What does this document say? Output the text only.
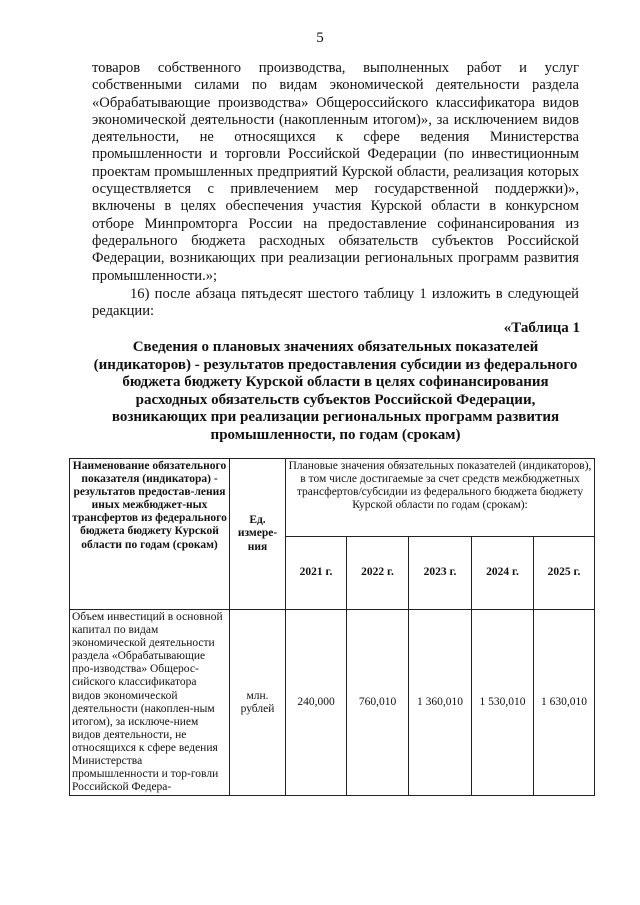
5

товаров собственного производства, выполненных работ и услуг собственными силами по видам экономической деятельности раздела «Обрабатывающие производства» Общероссийского классификатора видов экономической деятельности (накопленным итогом)», за исключением видов деятельности, не относящихся к сфере ведения Министерства промышленности и торговли Российской Федерации (по инвестиционным проектам промышленных предприятий Курской области, реализация которых осуществляется с привлечением мер государственной поддержки)», включены в целях обеспечения участия Курской области в конкурсном отборе Минпромторга России на предоставление софинансирования из федерального бюджета расходных обязательств субъектов Российской Федерации, возникающих при реализации региональных программ развития промышленности.»;

16) после абзаца пятьдесят шестого таблицу 1 изложить в следующей редакции:

«Таблица 1
Сведения о плановых значениях обязательных показателей (индикаторов) - результатов предоставления субсидии из федерального бюджета бюджету Курской области в целях софинансирования расходных обязательств субъектов Российской Федерации, возникающих при реализации региональных программ развития промышленности, по годам (срокам)
Наименование обязательного показателя (индикатора) - результатов предостав-ления иных межбюджет-ных трансфертов из федерального бюджета бюджету Курской области по годам (срокам)	Ед. измере-ния	Плановые значения обязательных показателей (индикаторов), в том числе достигаемые за счет средств межбюджетных трансфертов/субсидии из федерального бюджета бюджету Курской области по годам (срокам):				
		2021 г.	2022 г.	2023 г.	2024 г.	2025 г.
Объем инвестиций в основной капитал по видам экономической деятельности раздела «Обрабатывающие про-изводства» Общерос-сийского классификатора видов экономической деятельности (накоплен-ным итогом), за исключе-нием видов деятельности, не относящихся к сфере ведения Министерства промышленности и тор-говли Российской Федера-	млн. рублей	240,000	760,010	1 360,010	1 530,010	1 630,010
